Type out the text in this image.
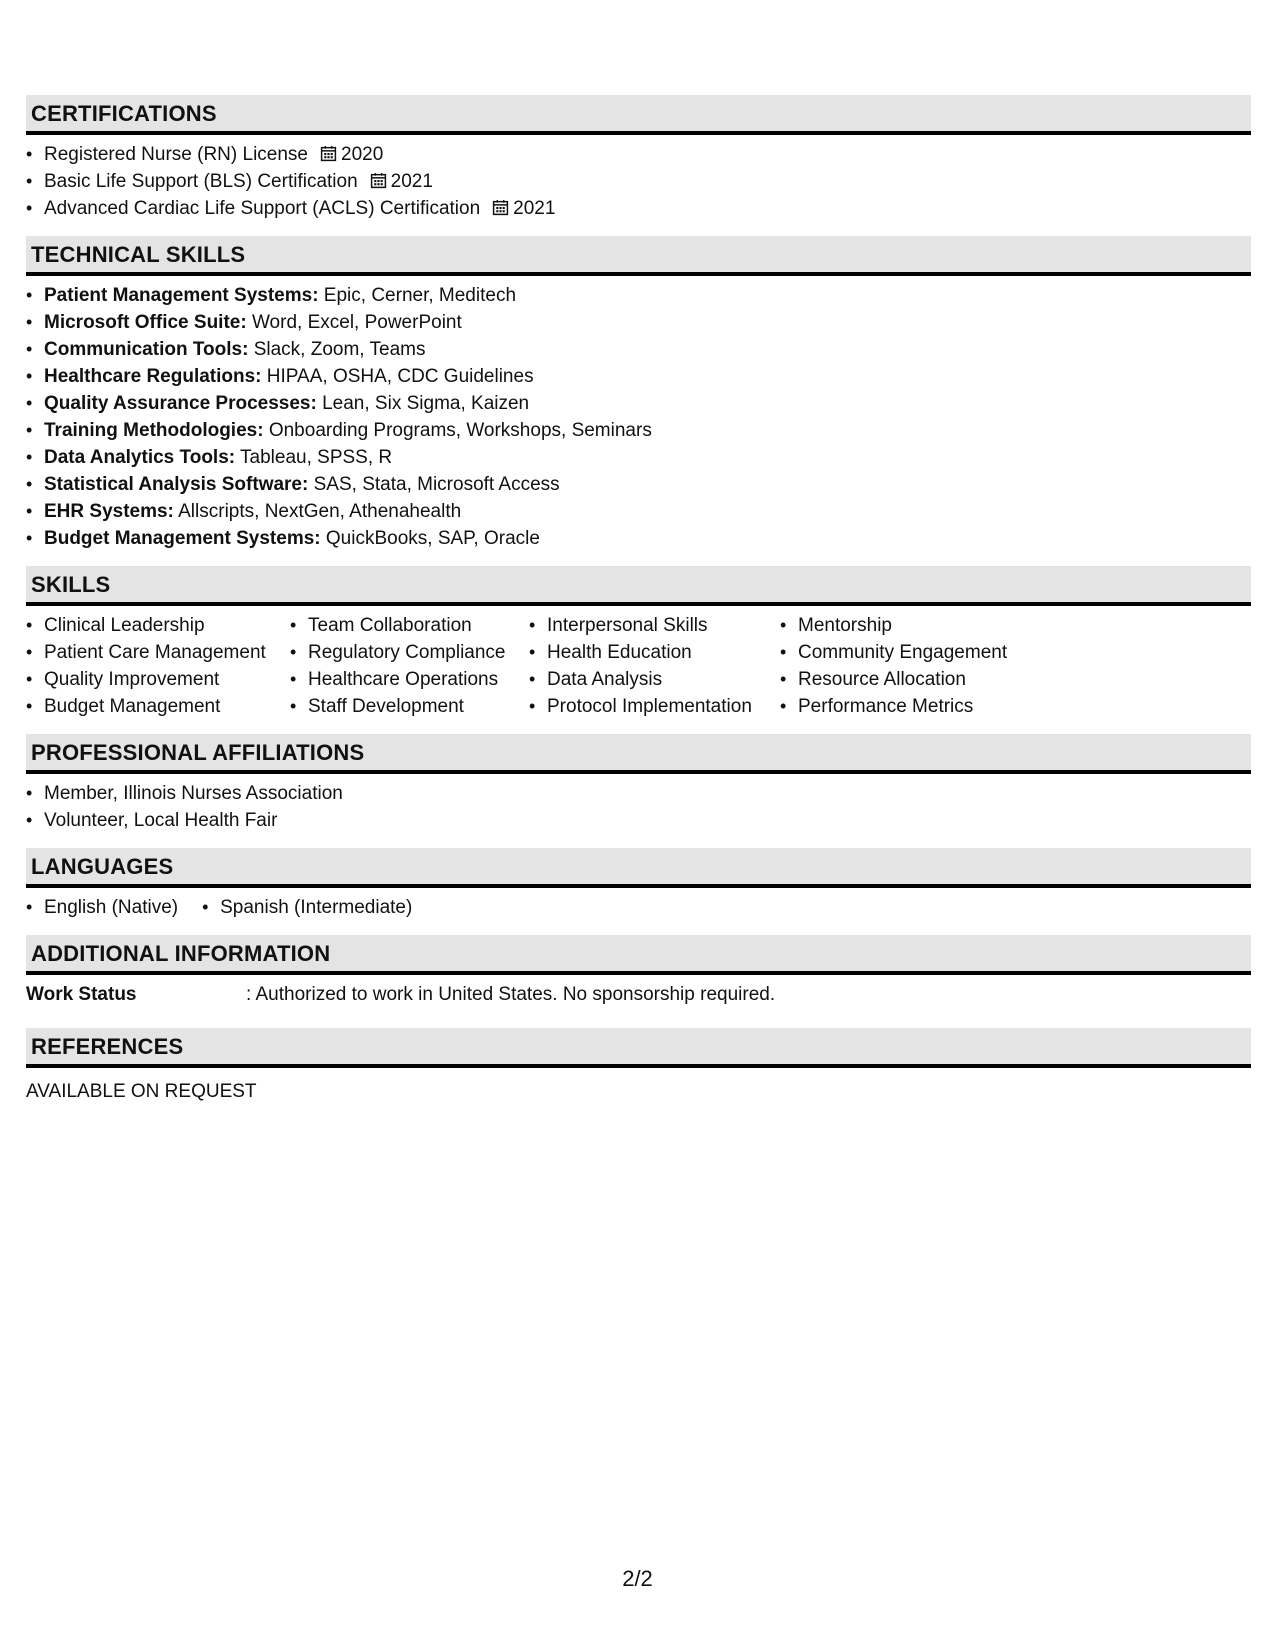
CERTIFICATIONS
• Registered Nurse (RN) License 2020
• Basic Life Support (BLS) Certification 2021
• Advanced Cardiac Life Support (ACLS) Certification 2021
TECHNICAL SKILLS
• Patient Management Systems: Epic, Cerner, Meditech
• Microsoft Office Suite: Word, Excel, PowerPoint
• Communication Tools: Slack, Zoom, Teams
• Healthcare Regulations: HIPAA, OSHA, CDC Guidelines
• Quality Assurance Processes: Lean, Six Sigma, Kaizen
• Training Methodologies: Onboarding Programs, Workshops, Seminars
• Data Analytics Tools: Tableau, SPSS, R
• Statistical Analysis Software: SAS, Stata, Microsoft Access
• EHR Systems: Allscripts, NextGen, Athenahealth
• Budget Management Systems: QuickBooks, SAP, Oracle
SKILLS
• Clinical Leadership
• Patient Care Management
• Quality Improvement
• Budget Management
• Team Collaboration
• Regulatory Compliance
• Healthcare Operations
• Staff Development
• Interpersonal Skills
• Health Education
• Data Analysis
• Protocol Implementation
• Mentorship
• Community Engagement
• Resource Allocation
• Performance Metrics
PROFESSIONAL AFFILIATIONS
• Member, Illinois Nurses Association
• Volunteer, Local Health Fair
LANGUAGES
• English (Native)
•	Spanish (Intermediate)
ADDITIONAL INFORMATION
Work Status	: Authorized to work in United States. No sponsorship required.
REFERENCES
AVAILABLE ON REQUEST
2/2
